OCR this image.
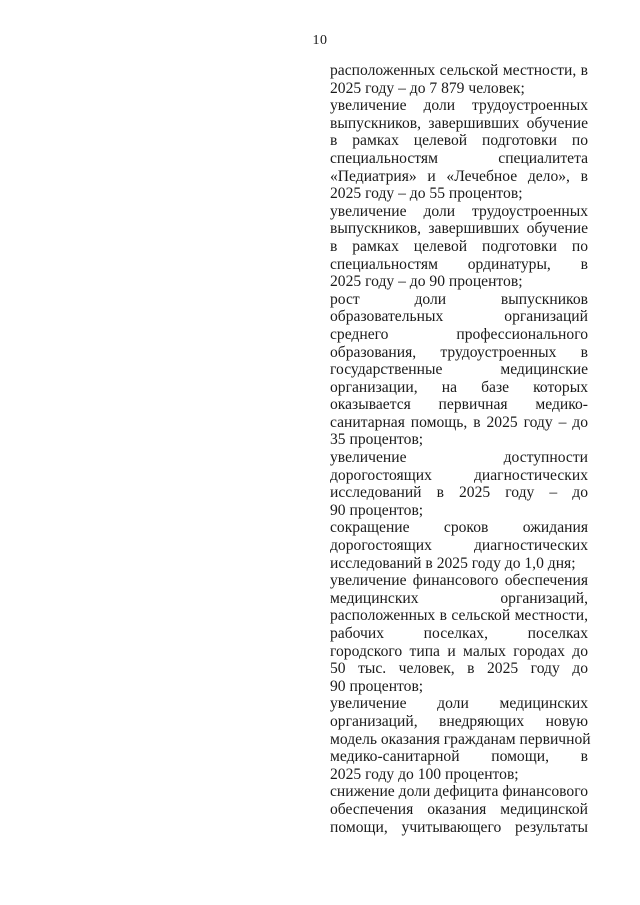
10
расположенных сельской местности, в
2025 году – до 7 879 человек;
увеличение доли трудоустроенных
выпускников, завершивших обучение
в рамках целевой подготовки по
специальностям специалитета
«Педиатрия» и «Лечебное дело», в
2025 году – до 55 процентов;
увеличение доли трудоустроенных
выпускников, завершивших обучение
в рамках целевой подготовки по
специальностям ординатуры, в
2025 году – до 90 процентов;
рост доли выпускников
образовательных организаций
среднего профессионального
образования, трудоустроенных в
государственные медицинские
организации, на базе которых
оказывается первичная медико-
санитарная помощь, в 2025 году – до
35 процентов;
увеличение доступности
дорогостоящих диагностических
исследований в 2025 году – до
90 процентов;
сокращение сроков ожидания
дорогостоящих диагностических
исследований в 2025 году до 1,0 дня;
увеличение финансового обеспечения
медицинских организаций,
расположенных в сельской местности,
рабочих поселках, поселках
городского типа и малых городах до
50 тыс. человек, в 2025 году до
90 процентов;
увеличение доли медицинских
организаций, внедряющих новую
модель оказания гражданам первичной
медико-санитарной помощи, в
2025 году до 100 процентов;
снижение доли дефицита финансового
обеспечения оказания медицинской
помощи, учитывающего результаты
